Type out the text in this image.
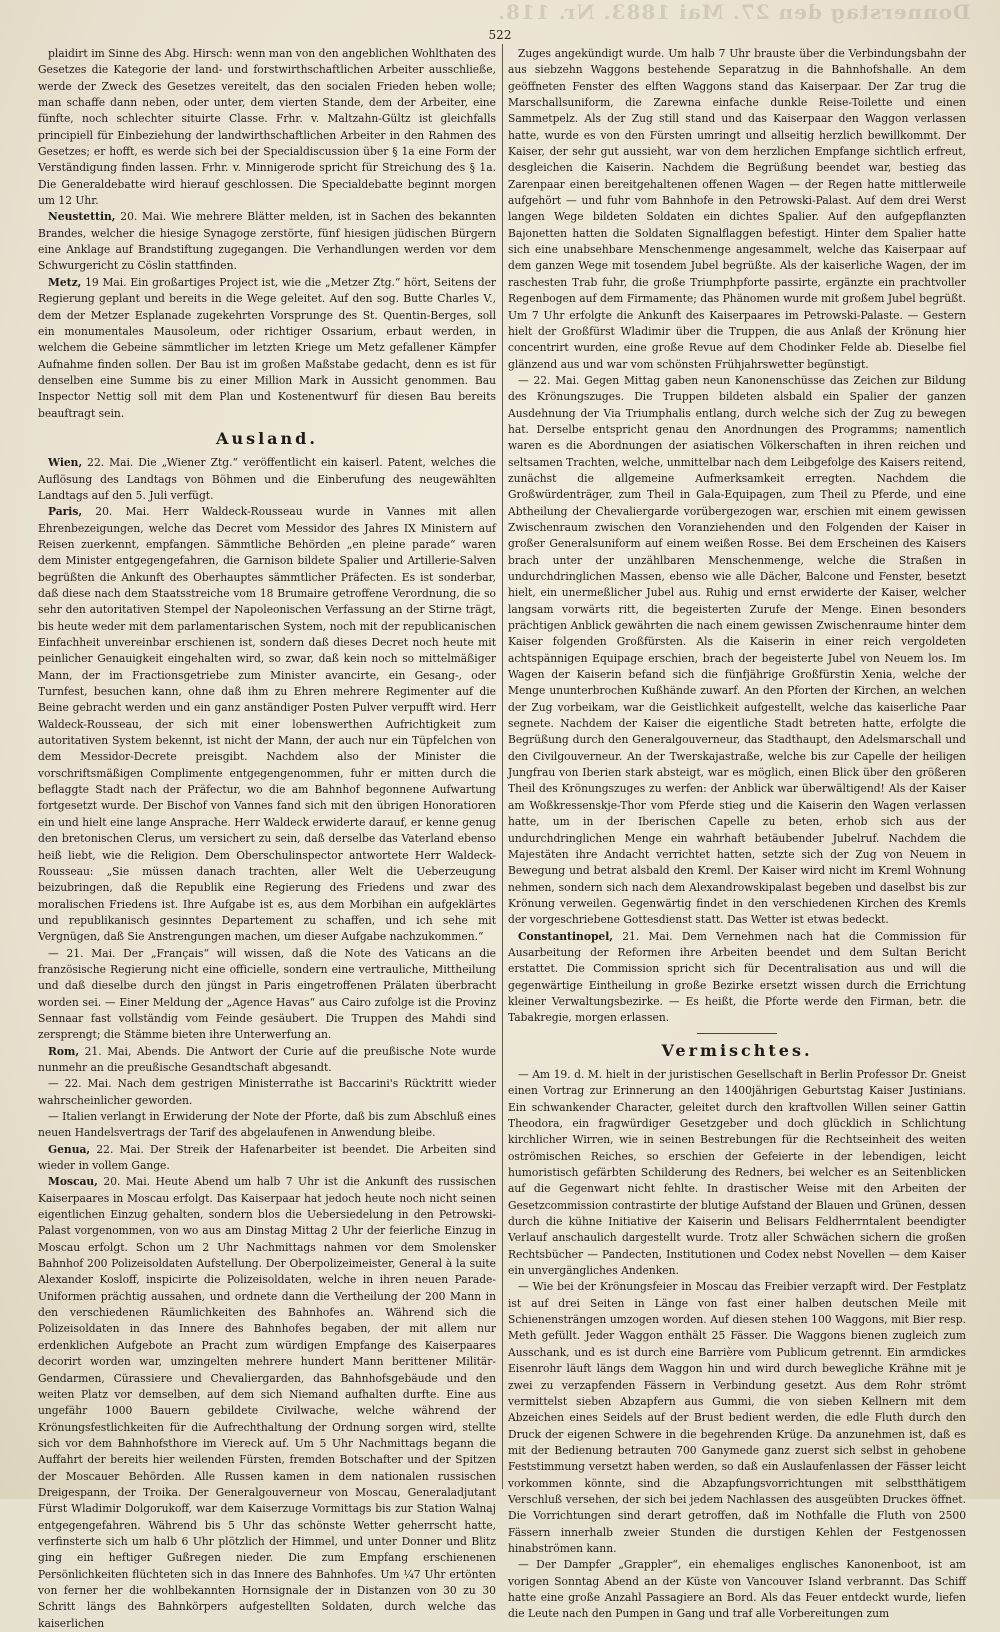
Donnerstag den 27. Mai 1883. Nr. 118.
522

plaidirt im Sinne des Abg. Hirsch: wenn man von den angeblichen Wohlthaten des Gesetzes die Kategorie der land- und forstwirthschaftlichen Arbeiter ausschließe, werde der Zweck des Gesetzes vereitelt, das den socialen Frieden heben wolle; man schaffe dann neben, oder unter, dem vierten Stande, dem der Arbeiter, eine fünfte, noch schlechter situirte Classe. Frhr. v. Maltzahn-Gültz ist gleichfalls principiell für Einbeziehung der landwirthschaftlichen Arbeiter in den Rahmen des Gesetzes; er hofft, es werde sich bei der Specialdiscussion über § 1a eine Form der Verständigung finden lassen. Frhr. v. Minnigerode spricht für Streichung des § 1a. Die Generaldebatte wird hierauf geschlossen. Die Specialdebatte beginnt morgen um 12 Uhr.

Neustettin, 20. Mai. Wie mehrere Blätter melden, ist in Sachen des bekannten Brandes, welcher die hiesige Synagoge zerstörte, fünf hiesigen jüdischen Bürgern eine Anklage auf Brandstiftung zugegangen. Die Verhandlungen werden vor dem Schwurgericht zu Cöslin stattfinden.

Metz, 19 Mai. Ein großartiges Project ist, wie die „Metzer Ztg.“ hört, Seitens der Regierung geplant und bereits in die Wege geleitet. Auf den sog. Butte Charles V., dem der Metzer Esplanade zugekehrten Vorsprunge des St. Quentin-Berges, soll ein monumentales Mausoleum, oder richtiger Ossarium, erbaut werden, in welchem die Gebeine sämmtlicher im letzten Kriege um Metz gefallener Kämpfer Aufnahme finden sollen. Der Bau ist im großen Maßstabe gedacht, denn es ist für denselben eine Summe bis zu einer Million Mark in Aussicht genommen. Bau Inspector Nettig soll mit dem Plan und Kostenentwurf für diesen Bau bereits beauftragt sein.

Ausland.

Wien, 22. Mai. Die „Wiener Ztg.“ veröffentlicht ein kaiserl. Patent, welches die Auflösung des Landtags von Böhmen und die Einberufung des neugewählten Landtags auf den 5. Juli verfügt.

Paris, 20. Mai. Herr Waldeck-Rousseau wurde in Vannes mit allen Ehrenbezeigungen, welche das Decret vom Messidor des Jahres IX Ministern auf Reisen zuerkennt, empfangen. Sämmtliche Behörden „en pleine parade“ waren dem Minister entgegengefahren, die Garnison bildete Spalier und Artillerie-Salven begrüßten die Ankunft des Oberhauptes sämmtlicher Präfecten. Es ist sonderbar, daß diese nach dem Staatsstreiche vom 18 Brumaire getroffene Verordnung, die so sehr den autoritativen Stempel der Napoleonischen Verfassung an der Stirne trägt, bis heute weder mit dem parlamentarischen System, noch mit der republicanischen Einfachheit unvereinbar erschienen ist, sondern daß dieses Decret noch heute mit peinlicher Genauigkeit eingehalten wird, so zwar, daß kein noch so mittelmäßiger Mann, der im Fractionsgetriebe zum Minister avancirte, ein Gesang-, oder Turnfest, besuchen kann, ohne daß ihm zu Ehren mehrere Regimenter auf die Beine gebracht werden und ein ganz anständiger Posten Pulver verpufft wird. Herr Waldeck-Rousseau, der sich mit einer lobenswerthen Aufrichtigkeit zum autoritativen System bekennt, ist nicht der Mann, der auch nur ein Tüpfelchen von dem Messidor-Decrete preisgibt. Nachdem also der Minister die vorschriftsmäßigen Complimente entgegengenommen, fuhr er mitten durch die beflaggte Stadt nach der Präfectur, wo die am Bahnhof begonnene Aufwartung fortgesetzt wurde. Der Bischof von Vannes fand sich mit den übrigen Honoratioren ein und hielt eine lange Ansprache. Herr Waldeck erwiderte darauf, er kenne genug den bretonischen Clerus, um versichert zu sein, daß derselbe das Vaterland ebenso heiß liebt, wie die Religion. Dem Oberschulinspector antwortete Herr Waldeck-Rousseau: „Sie müssen danach trachten, aller Welt die Ueberzeugung beizubringen, daß die Republik eine Regierung des Friedens und zwar des moralischen Friedens ist. Ihre Aufgabe ist es, aus dem Morbihan ein aufgeklärtes und republikanisch gesinntes Departement zu schaffen, und ich sehe mit Vergnügen, daß Sie Anstrengungen machen, um dieser Aufgabe nachzukommen.“

— 21. Mai. Der „Français“ will wissen, daß die Note des Vaticans an die französische Regierung nicht eine officielle, sondern eine vertrauliche, Mittheilung und daß dieselbe durch den jüngst in Paris eingetroffenen Prälaten überbracht worden sei. — Einer Meldung der „Agence Havas“ aus Cairo zufolge ist die Provinz Sennaar fast vollständig vom Feinde gesäubert. Die Truppen des Mahdi sind zersprengt; die Stämme bieten ihre Unterwerfung an.

Rom, 21. Mai, Abends. Die Antwort der Curie auf die preußische Note wurde nunmehr an die preußische Gesandtschaft abgesandt.

— 22. Mai. Nach dem gestrigen Ministerrathe ist Baccarini's Rücktritt wieder wahrscheinlicher geworden.

— Italien verlangt in Erwiderung der Note der Pforte, daß bis zum Abschluß eines neuen Handelsvertrags der Tarif des abgelaufenen in Anwendung bleibe.

Genua, 22. Mai. Der Streik der Hafenarbeiter ist beendet. Die Arbeiten sind wieder in vollem Gange.

Moscau, 20. Mai. Heute Abend um halb 7 Uhr ist die Ankunft des russischen Kaiserpaares in Moscau erfolgt. Das Kaiserpaar hat jedoch heute noch nicht seinen eigentlichen Einzug gehalten, sondern blos die Uebersiedelung in den Petrowski-Palast vorgenommen, von wo aus am Dinstag Mittag 2 Uhr der feierliche Einzug in Moscau erfolgt. Schon um 2 Uhr Nachmittags nahmen vor dem Smolensker Bahnhof 200 Polizeisoldaten Aufstellung. Der Oberpolizeimeister, General à la suite Alexander Kosloff, inspicirte die Polizeisoldaten, welche in ihren neuen Parade-Uniformen prächtig aussahen, und ordnete dann die Vertheilung der 200 Mann in den verschiedenen Räumlichkeiten des Bahnhofes an. Während sich die Polizeisoldaten in das Innere des Bahnhofes begaben, der mit allem nur erdenklichen Aufgebote an Pracht zum würdigen Empfange des Kaiserpaares decorirt worden war, umzingelten mehrere hundert Mann berittener Militär-Gendarmen, Cürassiere und Chevaliergarden, das Bahnhofsgebäude und den weiten Platz vor demselben, auf dem sich Niemand aufhalten durfte. Eine aus ungefähr 1000 Bauern gebildete Civilwache, welche während der Krönungsfestlichkeiten für die Aufrechthaltung der Ordnung sorgen wird, stellte sich vor dem Bahnhofsthore im Viereck auf. Um 5 Uhr Nachmittags begann die Auffahrt der bereits hier weilenden Fürsten, fremden Botschafter und der Spitzen der Moscauer Behörden. Alle Russen kamen in dem nationalen russischen Dreigespann, der Troika. Der Generalgouverneur von Moscau, Generaladjutant Fürst Wladimir Dolgorukoff, war dem Kaiserzuge Vormittags bis zur Station Walnaj entgegengefahren. Während bis 5 Uhr das schönste Wetter geherrscht hatte, verfinsterte sich um halb 6 Uhr plötzlich der Himmel, und unter Donner und Blitz ging ein heftiger Gußregen nieder. Die zum Empfang erschienenen Persönlichkeiten flüchteten sich in das Innere des Bahnhofes. Um ¼7 Uhr ertönten von ferner her die wohlbekannten Hornsignale der in Distanzen von 30 zu 30 Schritt längs des Bahnkörpers aufgestellten Soldaten, durch welche das kaiserlichen

Zuges angekündigt wurde. Um halb 7 Uhr brauste über die Verbindungsbahn der aus siebzehn Waggons bestehende Separatzug in die Bahnhofshalle. An dem geöffneten Fenster des elften Waggons stand das Kaiserpaar. Der Zar trug die Marschallsuniform, die Zarewna einfache dunkle Reise-Toilette und einen Sammetpelz. Als der Zug still stand und das Kaiserpaar den Waggon verlassen hatte, wurde es von den Fürsten umringt und allseitig herzlich bewillkommt. Der Kaiser, der sehr gut aussieht, war von dem herzlichen Empfange sichtlich erfreut, desgleichen die Kaiserin. Nachdem die Begrüßung beendet war, bestieg das Zarenpaar einen bereitgehaltenen offenen Wagen — der Regen hatte mittlerweile aufgehört — und fuhr vom Bahnhofe in den Petrowski-Palast. Auf dem drei Werst langen Wege bildeten Soldaten ein dichtes Spalier. Auf den aufgepflanzten Bajonetten hatten die Soldaten Signalflaggen befestigt. Hinter dem Spalier hatte sich eine unabsehbare Menschenmenge angesammelt, welche das Kaiserpaar auf dem ganzen Wege mit tosendem Jubel begrüßte. Als der kaiserliche Wagen, der im raschesten Trab fuhr, die große Triumphpforte passirte, ergänzte ein prachtvoller Regenbogen auf dem Firmamente; das Phänomen wurde mit großem Jubel begrüßt. Um 7 Uhr erfolgte die Ankunft des Kaiserpaares im Petrowski-Palaste. — Gestern hielt der Großfürst Wladimir über die Truppen, die aus Anlaß der Krönung hier concentrirt wurden, eine große Revue auf dem Chodinker Felde ab. Dieselbe fiel glänzend aus und war vom schönsten Frühjahrswetter begünstigt.

— 22. Mai. Gegen Mittag gaben neun Kanonenschüsse das Zeichen zur Bildung des Krönungszuges. Die Truppen bildeten alsbald ein Spalier der ganzen Ausdehnung der Via Triumphalis entlang, durch welche sich der Zug zu bewegen hat. Derselbe entspricht genau den Anordnungen des Programms; namentlich waren es die Abordnungen der asiatischen Völkerschaften in ihren reichen und seltsamen Trachten, welche, unmittelbar nach dem Leibgefolge des Kaisers reitend, zunächst die allgemeine Aufmerksamkeit erregten. Nachdem die Großwürdenträger, zum Theil in Gala-Equipagen, zum Theil zu Pferde, und eine Abtheilung der Chevaliergarde vorübergezogen war, erschien mit einem gewissen Zwischenraum zwischen den Voranziehenden und den Folgenden der Kaiser in großer Generalsuniform auf einem weißen Rosse. Bei dem Erscheinen des Kaisers brach unter der unzählbaren Menschenmenge, welche die Straßen in undurchdringlichen Massen, ebenso wie alle Dächer, Balcone und Fenster, besetzt hielt, ein unermeßlicher Jubel aus. Ruhig und ernst erwiderte der Kaiser, welcher langsam vorwärts ritt, die begeisterten Zurufe der Menge. Einen besonders prächtigen Anblick gewährten die nach einem gewissen Zwischenraume hinter dem Kaiser folgenden Großfürsten. Als die Kaiserin in einer reich vergoldeten achtspännigen Equipage erschien, brach der begeisterte Jubel von Neuem los. Im Wagen der Kaiserin befand sich die fünfjährige Großfürstin Xenia, welche der Menge ununterbrochen Kußhände zuwarf. An den Pforten der Kirchen, an welchen der Zug vorbeikam, war die Geistlichkeit aufgestellt, welche das kaiserliche Paar segnete. Nachdem der Kaiser die eigentliche Stadt betreten hatte, erfolgte die Begrüßung durch den Generalgouverneur, das Stadthaupt, den Adelsmarschall und den Civilgouverneur. An der Twerskajastraße, welche bis zur Capelle der heiligen Jungfrau von Iberien stark absteigt, war es möglich, einen Blick über den größeren Theil des Krönungszuges zu werfen: der Anblick war überwältigend! Als der Kaiser am Woßkressenskje-Thor vom Pferde stieg und die Kaiserin den Wagen verlassen hatte, um in der Iberischen Capelle zu beten, erhob sich aus der undurchdringlichen Menge ein wahrhaft betäubender Jubelruf. Nachdem die Majestäten ihre Andacht verrichtet hatten, setzte sich der Zug von Neuem in Bewegung und betrat alsbald den Kreml. Der Kaiser wird nicht im Kreml Wohnung nehmen, sondern sich nach dem Alexandrowskipalast begeben und daselbst bis zur Krönung verweilen. Gegenwärtig findet in den verschiedenen Kirchen des Kremls der vorgeschriebene Gottesdienst statt. Das Wetter ist etwas bedeckt.

Constantinopel, 21. Mai. Dem Vernehmen nach hat die Commission für Ausarbeitung der Reformen ihre Arbeiten beendet und dem Sultan Bericht erstattet. Die Commission spricht sich für Decentralisation aus und will die gegenwärtige Eintheilung in große Bezirke ersetzt wissen durch die Errichtung kleiner Verwaltungsbezirke. — Es heißt, die Pforte werde den Firman, betr. die Tabakregie, morgen erlassen.

Vermischtes.

— Am 19. d. M. hielt in der juristischen Gesellschaft in Berlin Professor Dr. Gneist einen Vortrag zur Erinnerung an den 1400jährigen Geburtstag Kaiser Justinians. Ein schwankender Character, geleitet durch den kraftvollen Willen seiner Gattin Theodora, ein fragwürdiger Gesetzgeber und doch glücklich in Schlichtung kirchlicher Wirren, wie in seinen Bestrebungen für die Rechtseinheit des weiten oströmischen Reiches, so erschien der Gefeierte in der lebendigen, leicht humoristisch gefärbten Schilderung des Redners, bei welcher es an Seitenblicken auf die Gegenwart nicht fehlte. In drastischer Weise mit den Arbeiten der Gesetzcommission contrastirte der blutige Aufstand der Blauen und Grünen, dessen durch die kühne Initiative der Kaiserin und Belisars Feldherrntalent beendigter Verlauf anschaulich dargestellt wurde. Trotz aller Schwächen sichern die großen Rechtsbücher — Pandecten, Institutionen und Codex nebst Novellen — dem Kaiser ein unvergängliches Andenken.

— Wie bei der Krönungsfeier in Moscau das Freibier verzapft wird. Der Festplatz ist auf drei Seiten in Länge von fast einer halben deutschen Meile mit Schienensträngen umzogen worden. Auf diesen stehen 100 Waggons, mit Bier resp. Meth gefüllt. Jeder Waggon enthält 25 Fässer. Die Waggons bienen zugleich zum Ausschank, und es ist durch eine Barrière vom Publicum getrennt. Ein armdickes Eisenrohr läuft längs dem Waggon hin und wird durch bewegliche Krähne mit je zwei zu verzapfenden Fässern in Verbindung gesetzt. Aus dem Rohr strömt vermittelst sieben Abzapfern aus Gummi, die von sieben Kellnern mit dem Abzeichen eines Seidels auf der Brust bedient werden, die edle Fluth durch den Druck der eigenen Schwere in die begehrenden Krüge. Da anzunehmen ist, daß es mit der Bedienung betrauten 700 Ganymede ganz zuerst sich selbst in gehobene Feststimmung versetzt haben werden, so daß ein Auslaufenlassen der Fässer leicht vorkommen könnte, sind die Abzapfungsvorrichtungen mit selbstthätigem Verschluß versehen, der sich bei jedem Nachlassen des ausgeübten Druckes öffnet. Die Vorrichtungen sind derart getroffen, daß im Nothfalle die Fluth von 2500 Fässern innerhalb zweier Stunden die durstigen Kehlen der Festgenossen hinabströmen kann.

— Der Dampfer „Grappler“, ein ehemaliges englisches Kanonenboot, ist am vorigen Sonntag Abend an der Küste von Vancouver Island verbrannt. Das Schiff hatte eine große Anzahl Passagiere an Bord. Als das Feuer entdeckt wurde, liefen die Leute nach den Pumpen in Gang und traf alle Vorbereitungen zum
